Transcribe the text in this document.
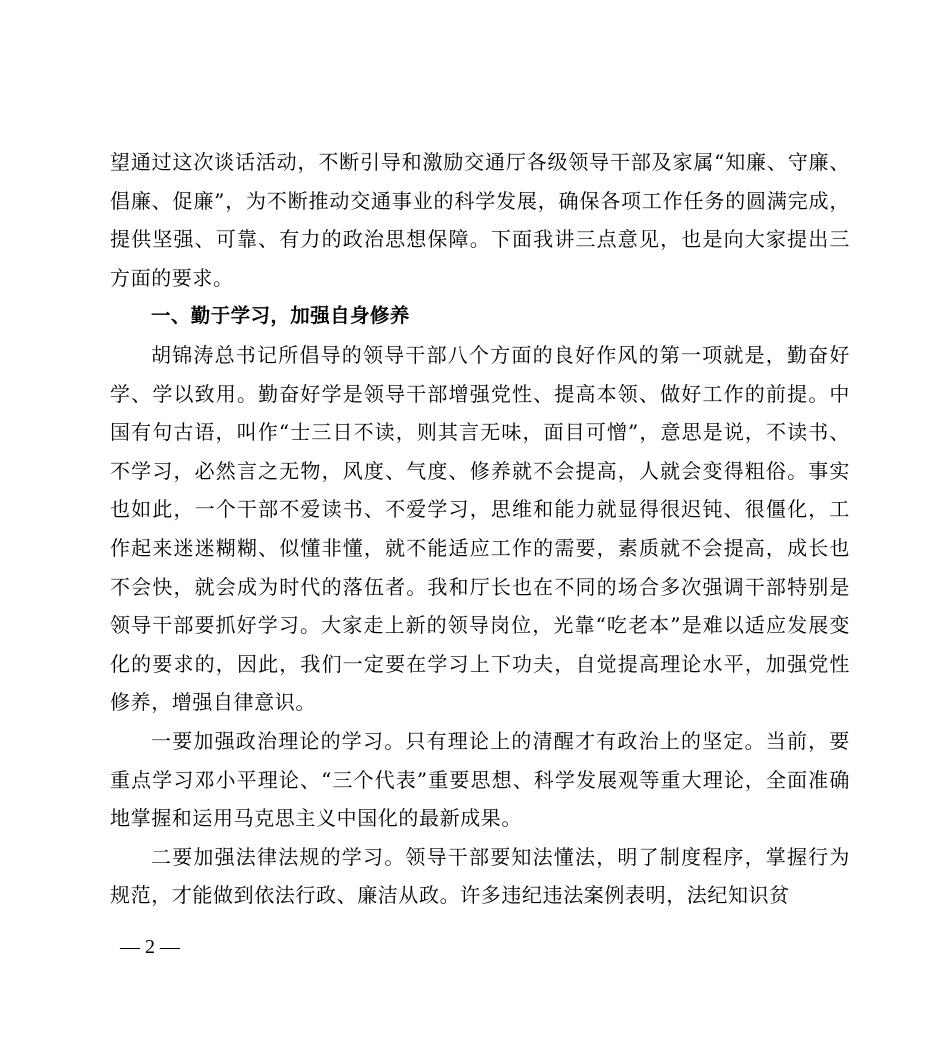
望通过这次谈话活动，不断引导和激励交通厅各级领导干部及家属“知廉、守廉、倡廉、促廉”，为不断推动交通事业的科学发展，确保各项工作任务的圆满完成，提供坚强、可靠、有力的政治思想保障。下面我讲三点意见，也是向大家提出三方面的要求。

一、勤于学习，加强自身修养

胡锦涛总书记所倡导的领导干部八个方面的良好作风的第一项就是，勤奋好学、学以致用。勤奋好学是领导干部增强党性、提高本领、做好工作的前提。中国有句古语，叫作“士三日不读，则其言无味，面目可憎”，意思是说，不读书、不学习，必然言之无物，风度、气度、修养就不会提高，人就会变得粗俗。事实也如此，一个干部不爱读书、不爱学习，思维和能力就显得很迟钝、很僵化，工作起来迷迷糊糊、似懂非懂，就不能适应工作的需要，素质就不会提高，成长也不会快，就会成为时代的落伍者。我和厅长也在不同的场合多次强调干部特别是领导干部要抓好学习。大家走上新的领导岗位，光靠“吃老本”是难以适应发展变化的要求的，因此，我们一定要在学习上下功夫，自觉提高理论水平，加强党性修养，增强自律意识。

一要加强政治理论的学习。只有理论上的清醒才有政治上的坚定。当前，要重点学习邓小平理论、“三个代表”重要思想、科学发展观等重大理论，全面准确地掌握和运用马克思主义中国化的最新成果。

二要加强法律法规的学习。领导干部要知法懂法，明了制度程序，掌握行为规范，才能做到依法行政、廉洁从政。许多违纪违法案例表明，法纪知识贫

— 2 —
